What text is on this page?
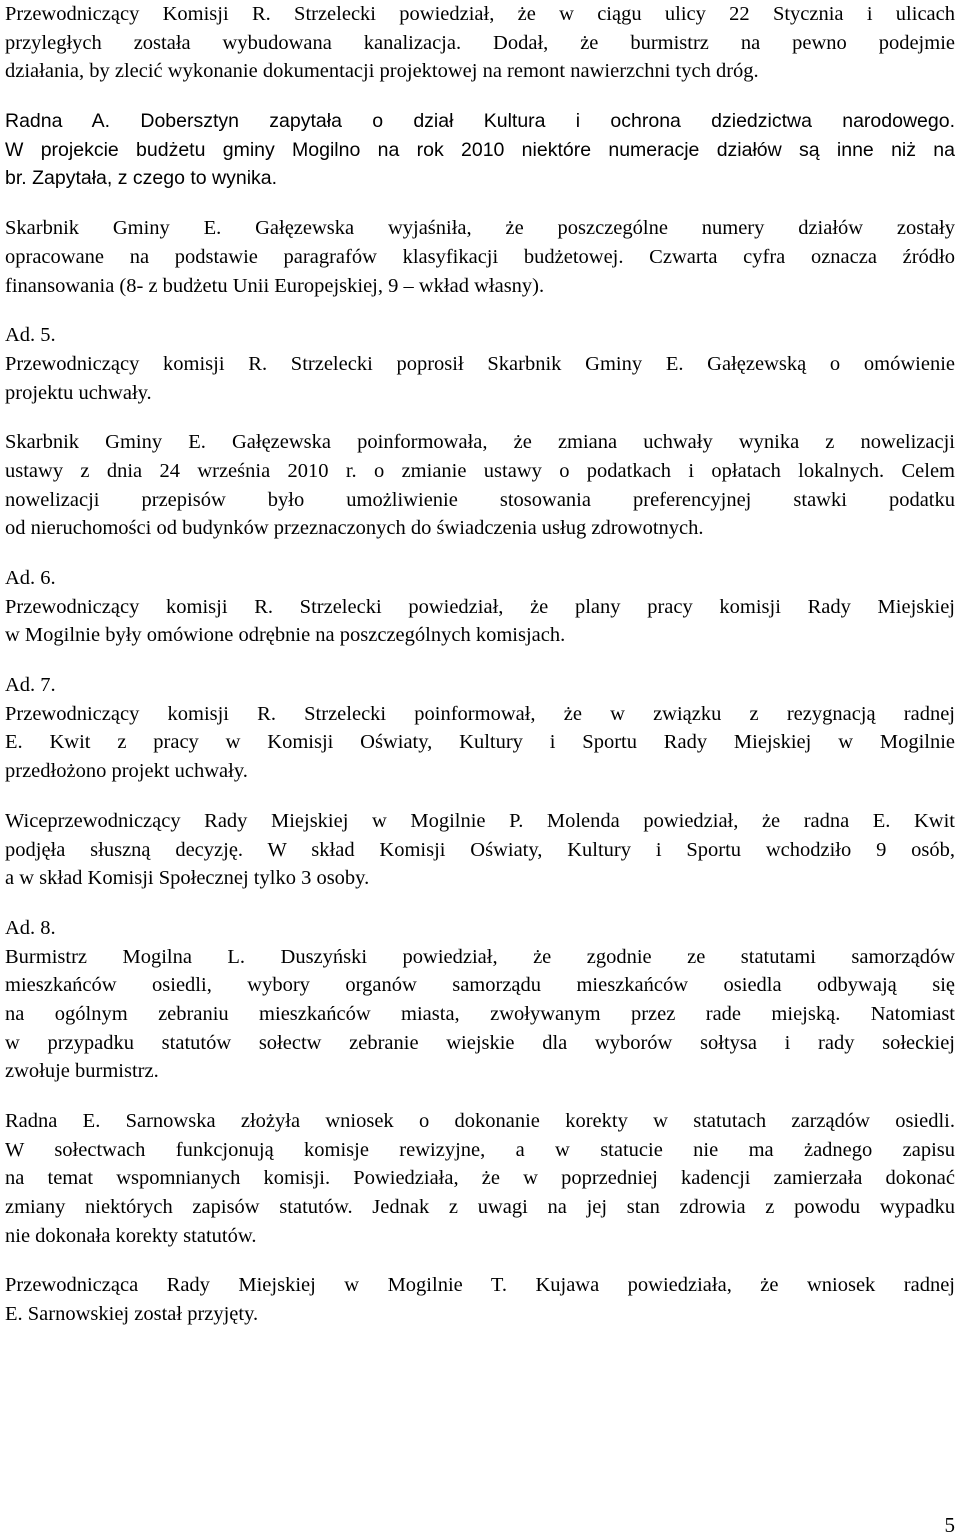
Przewodniczący Komisji R. Strzelecki powiedział, że w ciągu ulicy 22 Stycznia i ulicach
przyległych została wybudowana kanalizacja. Dodał, że burmistrz na pewno podejmie
działania, by zlecić wykonanie dokumentacji projektowej na remont nawierzchni tych dróg.
Radna A. Dobersztyn zapytała o dział Kultura i ochrona dziedzictwa narodowego.
W projekcie budżetu gminy Mogilno na rok 2010 niektóre numeracje działów są inne niż na
br. Zapytała, z czego to wynika.
Skarbnik Gminy E. Gałęzewska wyjaśniła, że poszczególne numery działów zostały
opracowane na podstawie paragrafów klasyfikacji budżetowej. Czwarta cyfra oznacza źródło
finansowania (8- z budżetu Unii Europejskiej, 9 – wkład własny).
Ad. 5.
Przewodniczący komisji R. Strzelecki poprosił Skarbnik Gminy E. Gałęzewską o omówienie
projektu uchwały.
Skarbnik Gminy E. Gałęzewska poinformowała, że zmiana uchwały wynika z nowelizacji
ustawy z dnia 24 września 2010 r. o zmianie ustawy o podatkach i opłatach lokalnych. Celem
nowelizacji przepisów było umożliwienie stosowania preferencyjnej stawki podatku
od nieruchomości od budynków przeznaczonych do świadczenia usług zdrowotnych.
Ad. 6.
Przewodniczący komisji R. Strzelecki powiedział, że plany pracy komisji Rady Miejskiej
w Mogilnie były omówione odrębnie na poszczególnych komisjach.
Ad. 7.
Przewodniczący komisji R. Strzelecki poinformował, że w związku z rezygnacją radnej
E. Kwit z pracy w Komisji Oświaty, Kultury i Sportu Rady Miejskiej w Mogilnie
przedłożono projekt uchwały.
Wiceprzewodniczący Rady Miejskiej w Mogilnie P. Molenda powiedział, że radna E. Kwit
podjęła słuszną decyzję. W skład Komisji Oświaty, Kultury i Sportu wchodziło 9 osób,
a w skład Komisji Społecznej tylko 3 osoby.
Ad. 8.
Burmistrz Mogilna L. Duszyński powiedział, że zgodnie ze statutami samorządów
mieszkańców osiedli, wybory organów samorządu mieszkańców osiedla odbywają się
na ogólnym zebraniu mieszkańców miasta, zwoływanym przez rade miejską. Natomiast
w przypadku statutów sołectw zebranie wiejskie dla wyborów sołtysa i rady sołeckiej
zwołuje burmistrz.
Radna E. Sarnowska złożyła wniosek o dokonanie korekty w statutach zarządów osiedli.
W sołectwach funkcjonują komisje rewizyjne, a w statucie nie ma żadnego zapisu
na temat wspomnianych komisji. Powiedziała, że w poprzedniej kadencji zamierzała dokonać
zmiany niektórych zapisów statutów. Jednak z uwagi na jej stan zdrowia z powodu wypadku
nie dokonała korekty statutów.
Przewodnicząca Rady Miejskiej w Mogilnie T. Kujawa powiedziała, że wniosek radnej
E. Sarnowskiej został przyjęty.
5
